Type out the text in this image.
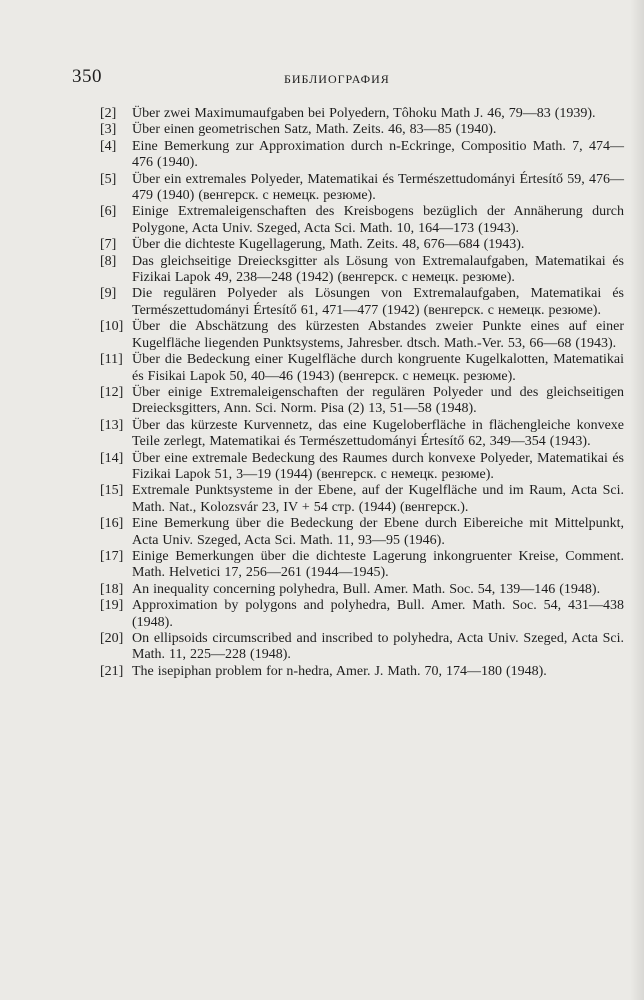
350	БИБЛИОГРАФИЯ
[2]	Über zwei Maximumaufgaben bei Polyedern, Tôhoku Math J. 46, 79—83 (1939).
[3]	Über einen geometrischen Satz, Math. Zeits. 46, 83—85 (1940).
[4]	Eine Bemerkung zur Approximation durch n-Eckringe, Compositio Math. 7, 474—476 (1940).
[5]	Über ein extremales Polyeder, Matematikai és Természettudományi Értesítő 59, 476—479 (1940) (венгерск. с немецк. резюме).
[6]	Einige Extremaleigenschaften des Kreisbogens bezüglich der Annäherung durch Polygone, Acta Univ. Szeged, Acta Sci. Math. 10, 164—173 (1943).
[7]	Über die dichteste Kugellagerung, Math. Zeits. 48, 676—684 (1943).
[8]	Das gleichseitige Dreiecksgitter als Lösung von Extremalaufgaben, Matematikai és Fizikai Lapok 49, 238—248 (1942) (венгерск. с немецк. резюме).
[9]	Die regulären Polyeder als Lösungen von Extremalaufgaben, Matematikai és Természettudományi Értesítő 61, 471—477 (1942) (венгерск. с немецк. резюме).
[10] Über die Abschätzung des kürzesten Abstandes zweier Punkte eines auf einer Kugelfläche liegenden Punktsystems, Jahresber. dtsch. Math.-Ver. 53, 66—68 (1943).
[11] Über die Bedeckung einer Kugelfläche durch kongruente Kugelkalotten, Matematikai és Fisikai Lapok 50, 40—46 (1943) (венгерск. с немецк. резюме).
[12] Über einige Extremaleigenschaften der regulären Polyeder und des gleichseitigen Dreiecksgitters, Ann. Sci. Norm. Pisa (2) 13, 51—58 (1948).
[13] Über das kürzeste Kurvennetz, das eine Kugeloberfläche in flächengleiche konvexe Teile zerlegt, Matematikai és Természettudományi Értesítő 62, 349—354 (1943).
[14] Über eine extremale Bedeckung des Raumes durch konvexe Polyeder, Matematikai és Fizikai Lapok 51, 3—19 (1944) (венгерск. с немецк. резюме).
[15] Extremale Punktsysteme in der Ebene, auf der Kugelfläche und im Raum, Acta Sci. Math. Nat., Kolozsvár 23, IV + 54 стр. (1944) (венгерск.).
[16] Eine Bemerkung über die Bedeckung der Ebene durch Eibereiche mit Mittelpunkt, Acta Univ. Szeged, Acta Sci. Math. 11, 93—95 (1946).
[17] Einige Bemerkungen über die dichteste Lagerung inkongruenter Kreise, Comment. Math. Helvetici 17, 256—261 (1944—1945).
[18] An inequality concerning polyhedra, Bull. Amer. Math. Soc. 54, 139—146 (1948).
[19] Approximation by polygons and polyhedra, Bull. Amer. Math. Soc. 54, 431—438 (1948).
[20] On ellipsoids circumscribed and inscribed to polyhedra, Acta Univ. Szeged, Acta Sci. Math. 11, 225—228 (1948).
[21] The isepiphan problem for n-hedra, Amer. J. Math. 70, 174—180 (1948).
